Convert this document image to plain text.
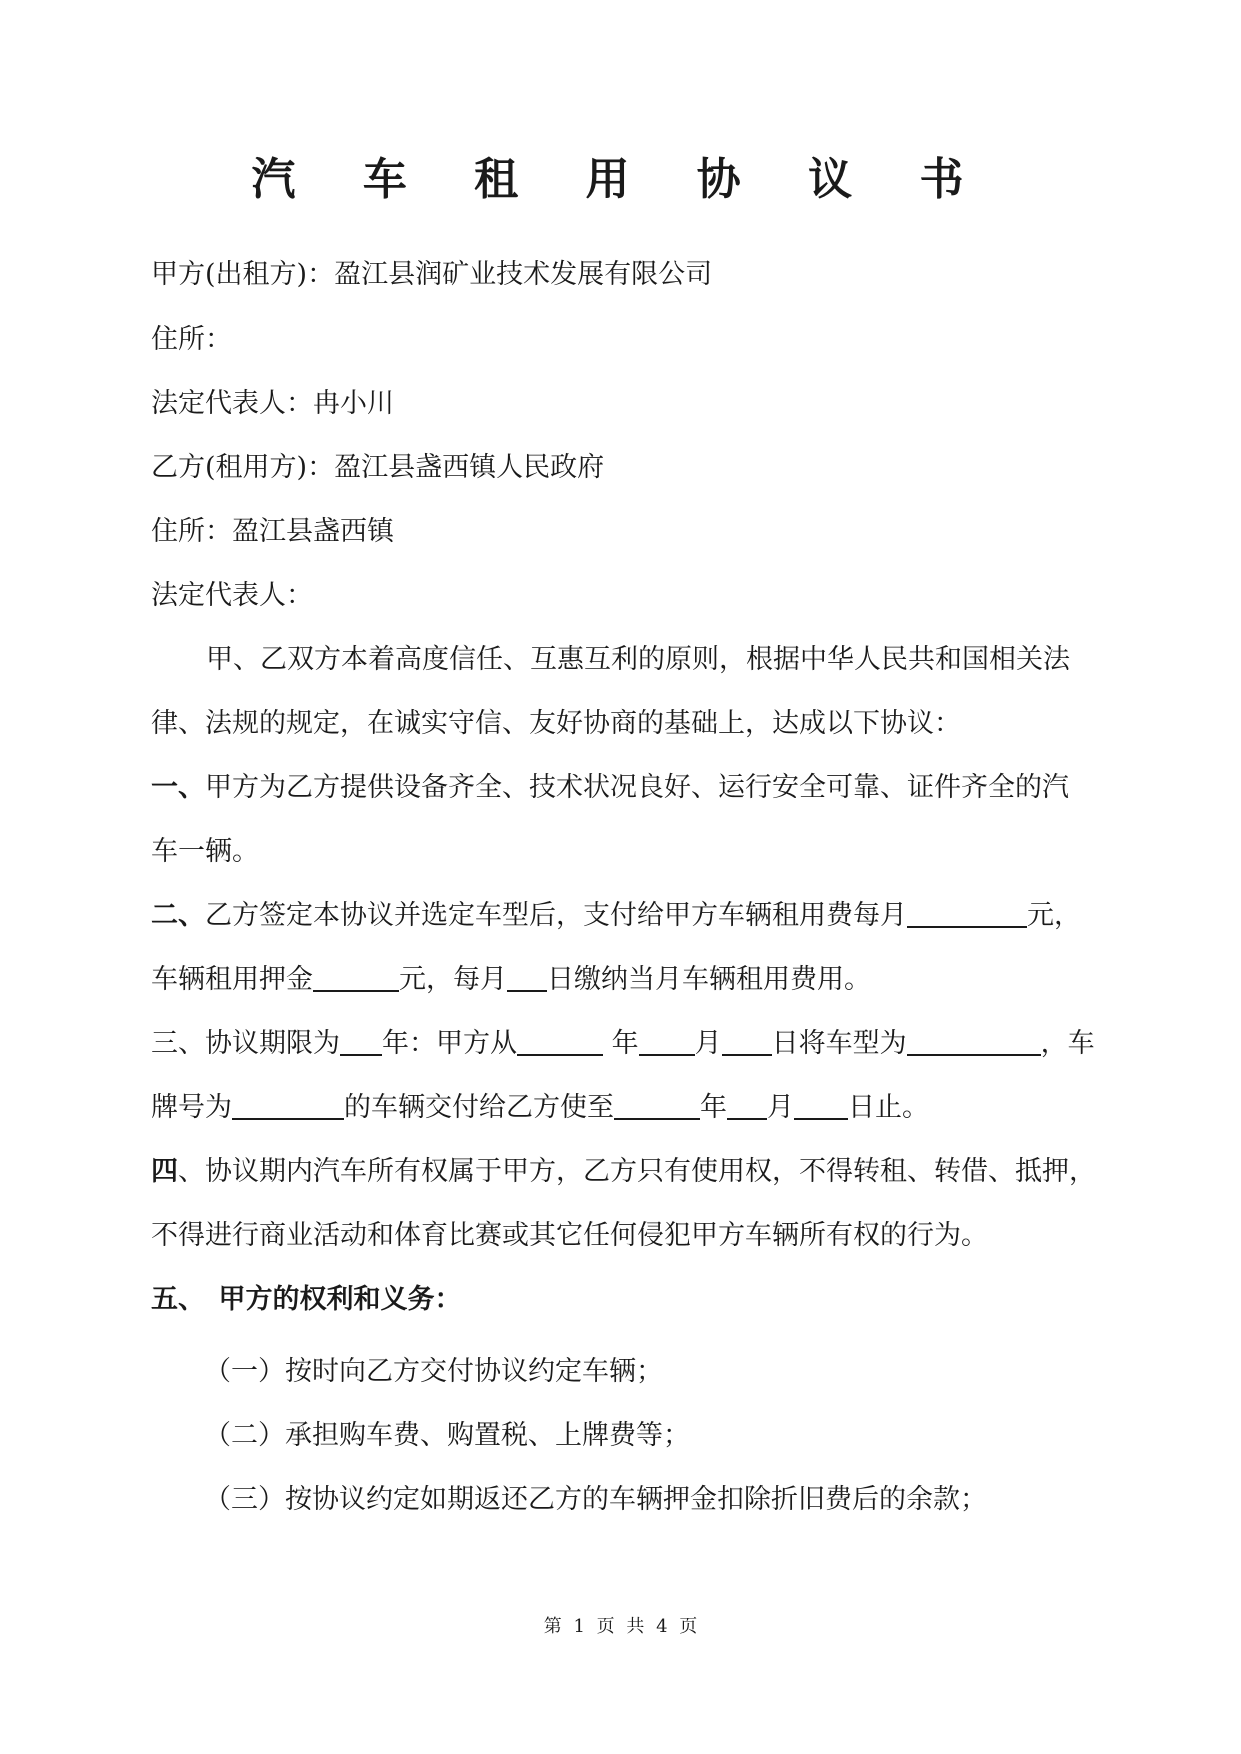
汽 车 租 用 协 议 书
甲方(出租方)：盈江县润矿业技术发展有限公司
住所：
法定代表人：冉小川
乙方(租用方)：盈江县盏西镇人民政府
住所：盈江县盏西镇
法定代表人：
甲、乙双方本着高度信任、互惠互利的原则，根据中华人民共和国相关法
律、法规的规定，在诚实守信、友好协商的基础上，达成以下协议：
一、甲方为乙方提供设备齐全、技术状况良好、运行安全可靠、证件齐全的汽
车一辆。
二、乙方签定本协议并选定车型后，支付给甲方车辆租用费每月	元，
车辆租用押金	元，每月 日缴纳当月车辆租用费用。
三、协议期限为 年：甲方从	年 月 日将车型为	，车
牌号为	的车辆交付给乙方使至	年 月 日止。
四、协议期内汽车所有权属于甲方，乙方只有使用权，不得转租、转借、抵押，
不得进行商业活动和体育比赛或其它任何侵犯甲方车辆所有权的行为。
五、　甲方的权利和义务：
（一）按时向乙方交付协议约定车辆；
（二）承担购车费、购置税、上牌费等；
（三）按协议约定如期返还乙方的车辆押金扣除折旧费后的余款；
第 1 页 共 4 页
